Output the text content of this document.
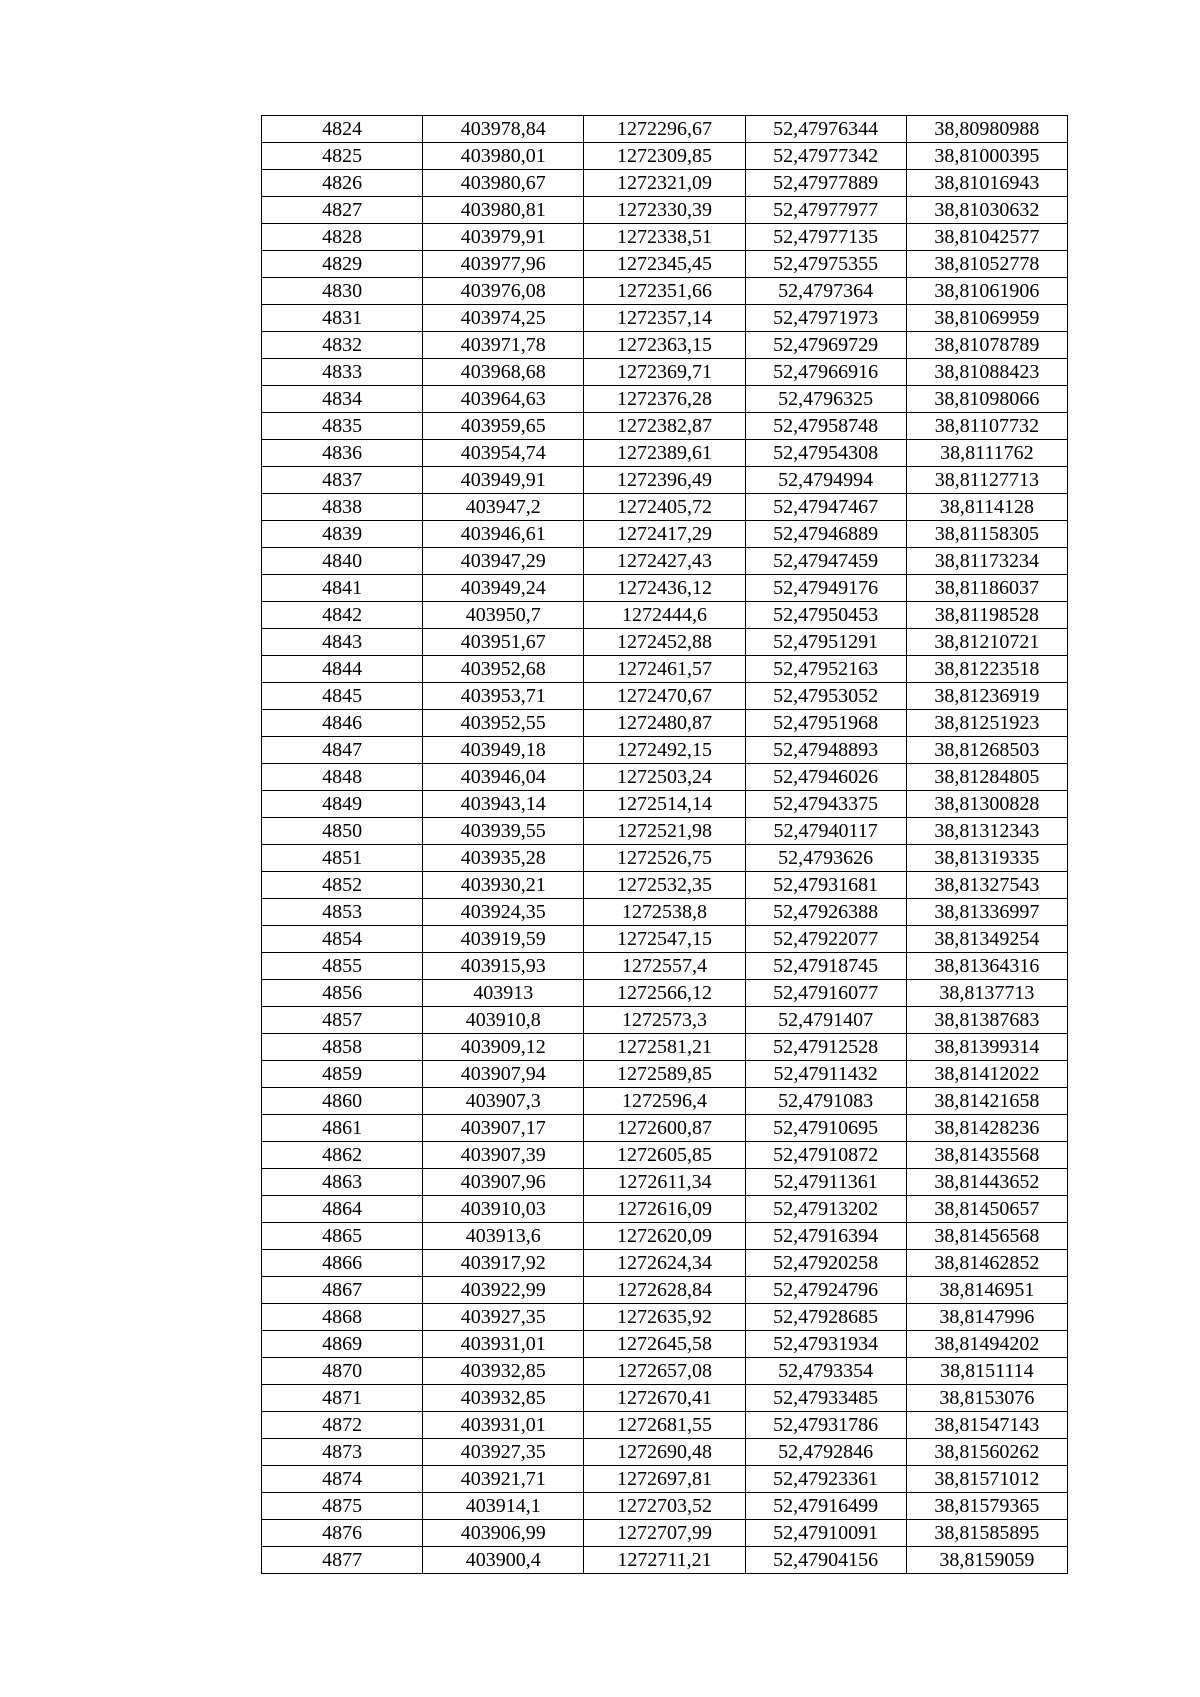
4824	403978,84	1272296,67	52,47976344	38,80980988
4825	403980,01	1272309,85	52,47977342	38,81000395
4826	403980,67	1272321,09	52,47977889	38,81016943
4827	403980,81	1272330,39	52,47977977	38,81030632
4828	403979,91	1272338,51	52,47977135	38,81042577
4829	403977,96	1272345,45	52,47975355	38,81052778
4830	403976,08	1272351,66	52,4797364	38,81061906
4831	403974,25	1272357,14	52,47971973	38,81069959
4832	403971,78	1272363,15	52,47969729	38,81078789
4833	403968,68	1272369,71	52,47966916	38,81088423
4834	403964,63	1272376,28	52,4796325	38,81098066
4835	403959,65	1272382,87	52,47958748	38,81107732
4836	403954,74	1272389,61	52,47954308	38,8111762
4837	403949,91	1272396,49	52,4794994	38,81127713
4838	403947,2	1272405,72	52,47947467	38,8114128
4839	403946,61	1272417,29	52,47946889	38,81158305
4840	403947,29	1272427,43	52,47947459	38,81173234
4841	403949,24	1272436,12	52,47949176	38,81186037
4842	403950,7	1272444,6	52,47950453	38,81198528
4843	403951,67	1272452,88	52,47951291	38,81210721
4844	403952,68	1272461,57	52,47952163	38,81223518
4845	403953,71	1272470,67	52,47953052	38,81236919
4846	403952,55	1272480,87	52,47951968	38,81251923
4847	403949,18	1272492,15	52,47948893	38,81268503
4848	403946,04	1272503,24	52,47946026	38,81284805
4849	403943,14	1272514,14	52,47943375	38,81300828
4850	403939,55	1272521,98	52,47940117	38,81312343
4851	403935,28	1272526,75	52,4793626	38,81319335
4852	403930,21	1272532,35	52,47931681	38,81327543
4853	403924,35	1272538,8	52,47926388	38,81336997
4854	403919,59	1272547,15	52,47922077	38,81349254
4855	403915,93	1272557,4	52,47918745	38,81364316
4856	403913	1272566,12	52,47916077	38,8137713
4857	403910,8	1272573,3	52,4791407	38,81387683
4858	403909,12	1272581,21	52,47912528	38,81399314
4859	403907,94	1272589,85	52,47911432	38,81412022
4860	403907,3	1272596,4	52,4791083	38,81421658
4861	403907,17	1272600,87	52,47910695	38,81428236
4862	403907,39	1272605,85	52,47910872	38,81435568
4863	403907,96	1272611,34	52,47911361	38,81443652
4864	403910,03	1272616,09	52,47913202	38,81450657
4865	403913,6	1272620,09	52,47916394	38,81456568
4866	403917,92	1272624,34	52,47920258	38,81462852
4867	403922,99	1272628,84	52,47924796	38,8146951
4868	403927,35	1272635,92	52,47928685	38,8147996
4869	403931,01	1272645,58	52,47931934	38,81494202
4870	403932,85	1272657,08	52,4793354	38,8151114
4871	403932,85	1272670,41	52,47933485	38,8153076
4872	403931,01	1272681,55	52,47931786	38,81547143
4873	403927,35	1272690,48	52,4792846	38,81560262
4874	403921,71	1272697,81	52,47923361	38,81571012
4875	403914,1	1272703,52	52,47916499	38,81579365
4876	403906,99	1272707,99	52,47910091	38,81585895
4877	403900,4	1272711,21	52,47904156	38,8159059
